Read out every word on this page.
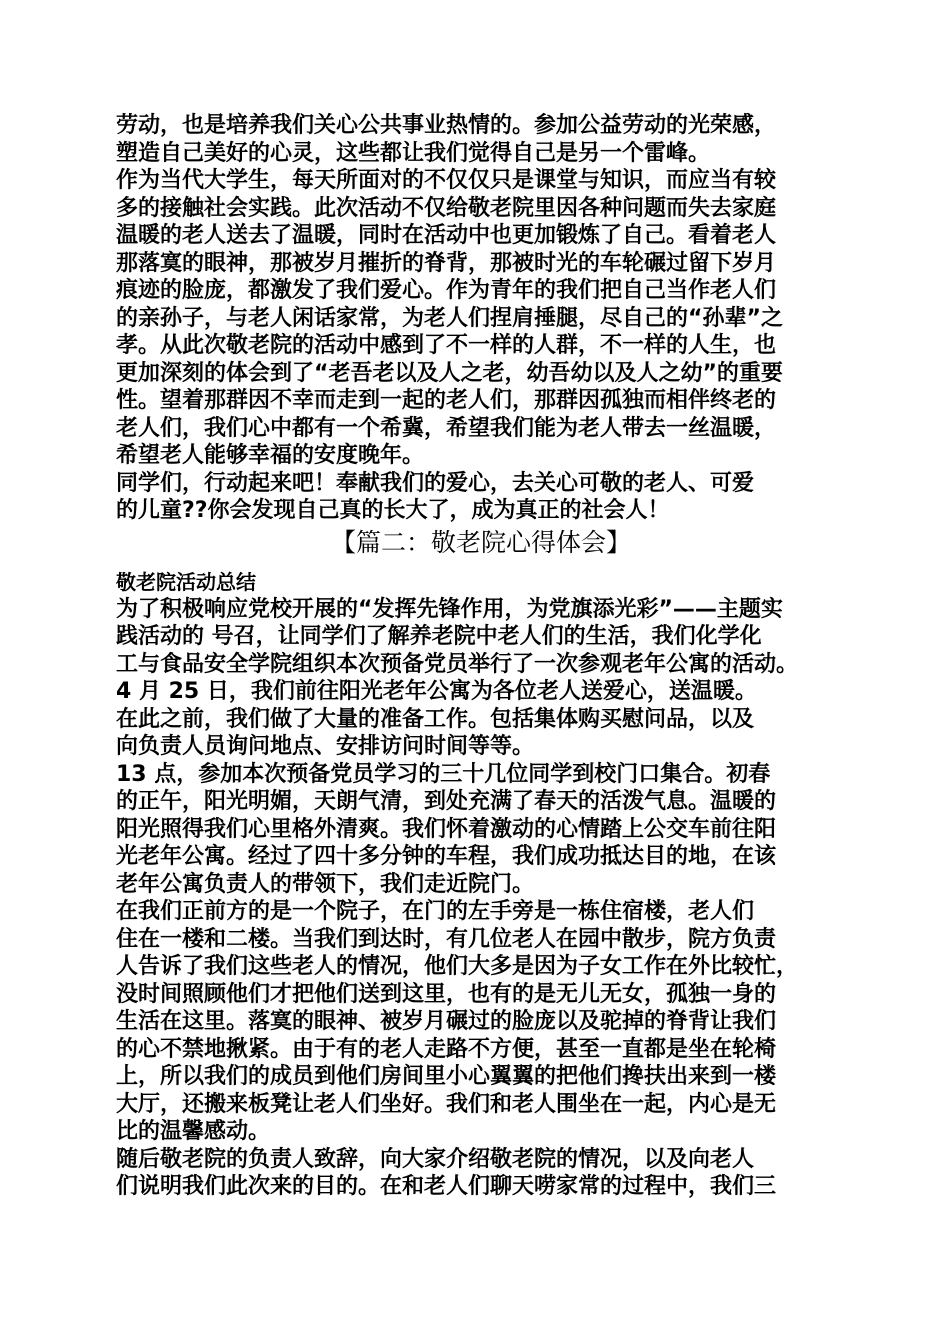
劳动，也是培养我们关心公共事业热情的。参加公益劳动的光荣感，
塑造自己美好的心灵，这些都让我们觉得自己是另一个雷峰。
作为当代大学生，每天所面对的不仅仅只是课堂与知识，而应当有较
多的接触社会实践。此次活动不仅给敬老院里因各种问题而失去家庭
温暖的老人送去了温暖，同时在活动中也更加锻炼了自己。看着老人
那落寞的眼神，那被岁月摧折的脊背，那被时光的车轮碾过留下岁月
痕迹的脸庞，都激发了我们爱心。作为青年的我们把自己当作老人们
的亲孙子，与老人闲话家常，为老人们捏肩捶腿，尽自己的“孙辈”之
孝。从此次敬老院的活动中感到了不一样的人群，不一样的人生，也
更加深刻的体会到了“老吾老以及人之老，幼吾幼以及人之幼”的重要
性。望着那群因不幸而走到一起的老人们，那群因孤独而相伴终老的
老人们，我们心中都有一个希冀，希望我们能为老人带去一丝温暖，
希望老人能够幸福的安度晚年。
同学们，行动起来吧！奉献我们的爱心，去关心可敬的老人、可爱
的儿童??你会发现自己真的长大了，成为真正的社会人！
【篇二：敬老院心得体会】
敬老院活动总结
为了积极响应党校开展的“发挥先锋作用，为党旗添光彩”——主题实
践活动的 号召，让同学们了解养老院中老人们的生活，我们化学化
工与食品安全学院组织本次预备党员举行了一次参观老年公寓的活动。
4 月 25 日，我们前往阳光老年公寓为各位老人送爱心，送温暖。
在此之前，我们做了大量的准备工作。包括集体购买慰问品，以及
向负责人员询问地点、安排访问时间等等。
13 点，参加本次预备党员学习的三十几位同学到校门口集合。初春
的正午，阳光明媚，天朗气清，到处充满了春天的活泼气息。温暖的
阳光照得我们心里格外清爽。我们怀着激动的心情踏上公交车前往阳
光老年公寓。经过了四十多分钟的车程，我们成功抵达目的地，在该
老年公寓负责人的带领下，我们走近院门。
在我们正前方的是一个院子，在门的左手旁是一栋住宿楼，老人们
住在一楼和二楼。当我们到达时，有几位老人在园中散步，院方负责
人告诉了我们这些老人的情况，他们大多是因为子女工作在外比较忙，
没时间照顾他们才把他们送到这里，也有的是无儿无女，孤独一身的
生活在这里。落寞的眼神、被岁月碾过的脸庞以及驼掉的脊背让我们
的心不禁地揪紧。由于有的老人走路不方便，甚至一直都是坐在轮椅
上，所以我们的成员到他们房间里小心翼翼的把他们搀扶出来到一楼
大厅，还搬来板凳让老人们坐好。我们和老人围坐在一起，内心是无
比的温馨感动。
随后敬老院的负责人致辞，向大家介绍敬老院的情况，以及向老人
们说明我们此次来的目的。在和老人们聊天唠家常的过程中，我们三
